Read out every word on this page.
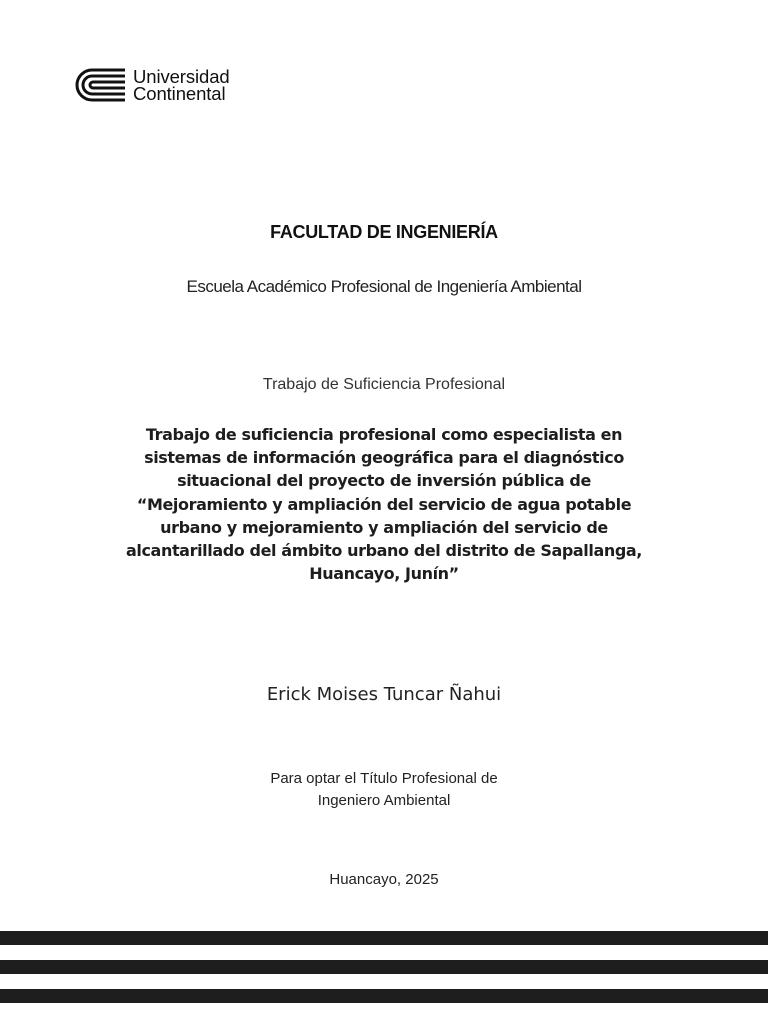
Universidad
Continental
FACULTAD DE INGENIERÍA
Escuela Académico Profesional de Ingeniería Ambiental
Trabajo de Suficiencia Profesional
Trabajo de suficiencia profesional como especialista en sistemas de información geográfica para el diagnóstico situacional del proyecto de inversión pública de “Mejoramiento y ampliación del servicio de agua potable urbano y mejoramiento y ampliación del servicio de alcantarillado del ámbito urbano del distrito de Sapallanga, Huancayo, Junín”
Erick Moises Tuncar Ñahui
Para optar el Título Profesional de
Ingeniero Ambiental
Huancayo, 2025
